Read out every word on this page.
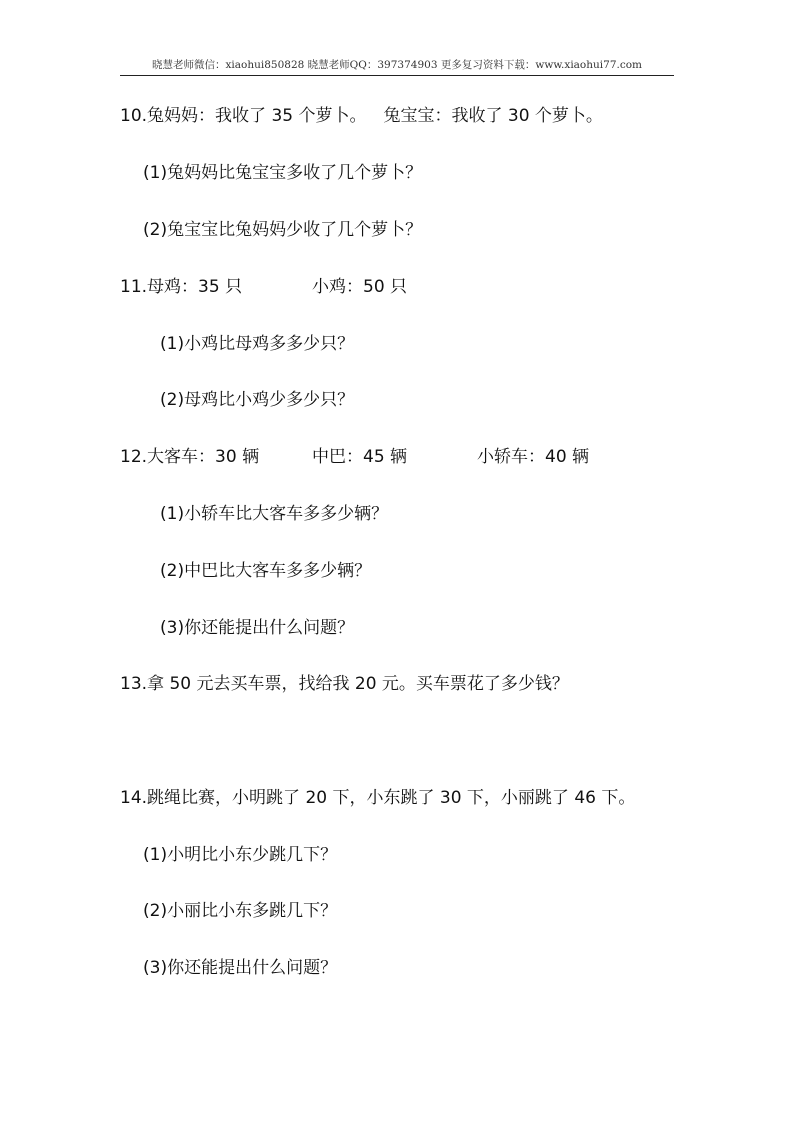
晓慧老师微信：xiaohui850828 晓慧老师QQ：397374903 更多复习资料下载：www.xiaohui77.com
10.兔妈妈：我收了 35 个萝卜。 兔宝宝：我收了 30 个萝卜。
(1)兔妈妈比兔宝宝多收了几个萝卜？
(2)兔宝宝比兔妈妈少收了几个萝卜？
11.母鸡：35 只	小鸡：50 只
(1)小鸡比母鸡多多少只？
(2)母鸡比小鸡少多少只？
12.大客车：30 辆	中巴：45 辆	小轿车：40 辆
(1)小轿车比大客车多多少辆？
(2)中巴比大客车多多少辆？
(3)你还能提出什么问题？
13.拿 50 元去买车票，找给我 20 元。买车票花了多少钱？
14.跳绳比赛，小明跳了 20 下，小东跳了 30 下，小丽跳了 46 下。
(1)小明比小东少跳几下？
(2)小丽比小东多跳几下？
(3)你还能提出什么问题？
